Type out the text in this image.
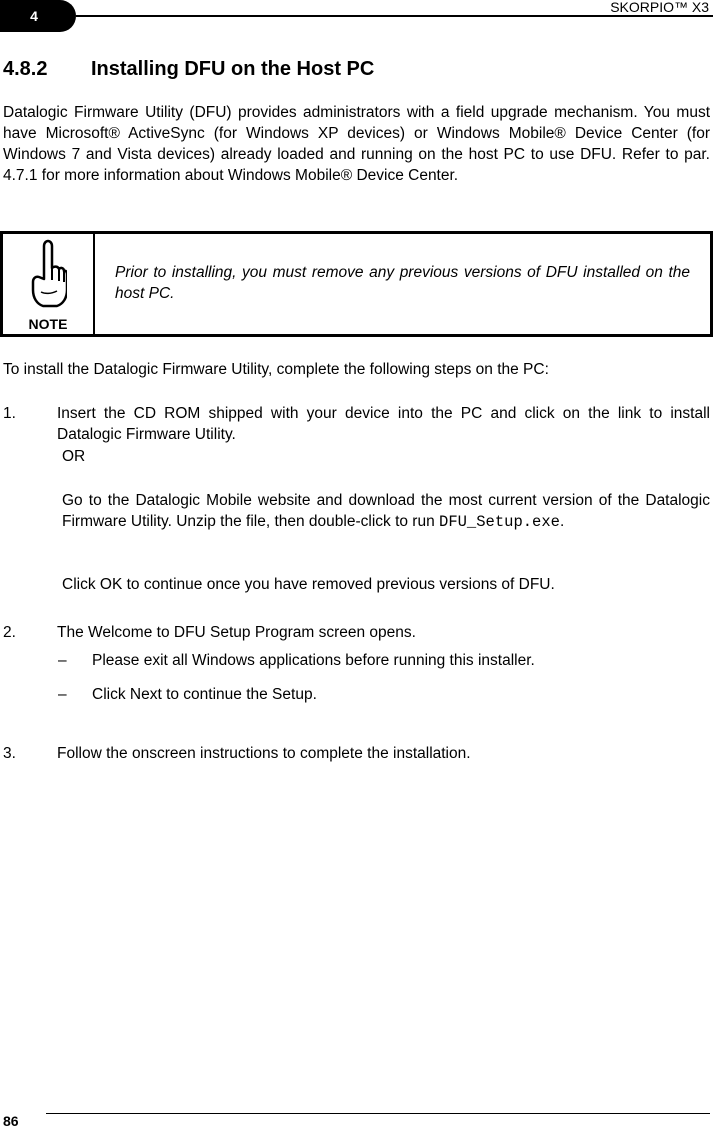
4
SKORPIO™ X3
4.8.2 Installing DFU on the Host PC
Datalogic Firmware Utility (DFU) provides administrators with a field upgrade mechanism. You must have Microsoft® ActiveSync (for Windows XP devices) or Windows Mobile® Device Center (for Windows 7 and Vista devices) already loaded and running on the host PC to use DFU. Refer to par. 4.7.1 for more information about Windows Mobile® Device Center.
NOTE
Prior to installing, you must remove any previous versions of DFU installed on the host PC.
To install the Datalogic Firmware Utility, complete the following steps on the PC:
1.	Insert the CD ROM shipped with your device into the PC and click on the link to install Datalogic Firmware Utility.
OR
Go to the Datalogic Mobile website and download the most current version of the Datalogic Firmware Utility. Unzip the file, then double-click to run DFU_Setup.exe.
Click OK to continue once you have removed previous versions of DFU.
2.	The Welcome to DFU Setup Program screen opens.
– Please exit all Windows applications before running this installer.
– Click Next to continue the Setup.
3.	Follow the onscreen instructions to complete the installation.
86
